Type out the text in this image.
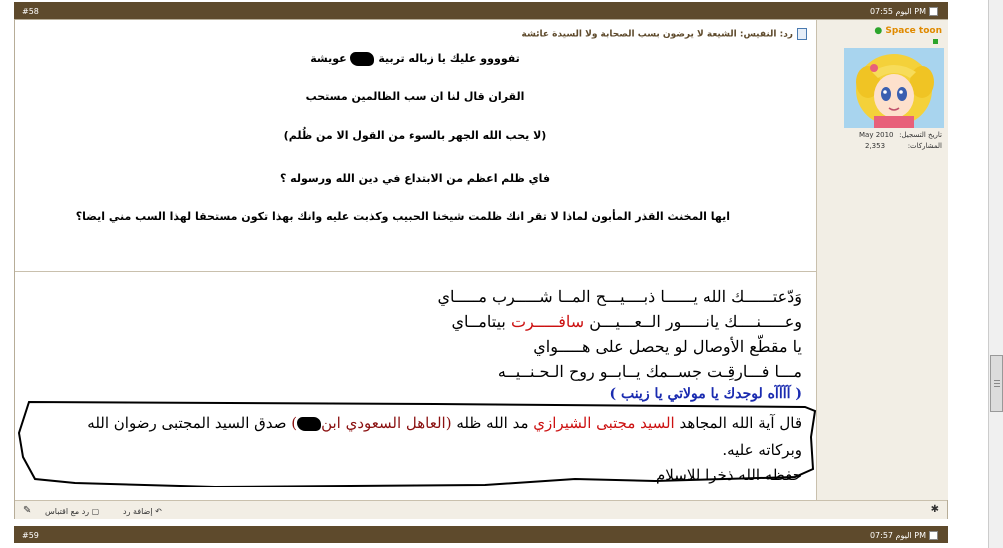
#58	اليوم 07:55 PM
● Space toon
تاريخ التسجيل:
May 2010
المشاركات:
2,353
رد: النفيس: الشيعة لا يرضون بسب الصحابة ولا السيدة عائشة
تفوووو عليك يا زباله تربية  عويشة
القران قال لنا ان سب الظالمين مستحب
(لا يحب الله الجهر بالسوء من القول الا من ظُلم)
فاي ظلم اعظم من الابتداع في دين الله ورسوله ؟
ايها المخنث القذر المأبون لماذا لا تقر انك ظلمت شيخنا الحبيب وكذبت عليه وانك بهذا تكون مستحقا لهذا السب مني ايضا؟
وَدّعتــــــك الله يــــــا ذبــــيـــح المــا شـــــرب مـــــاي
وعـــــنــــك يانـــــور الــعـــيـــن سافـــــرت بيتامــاي
يا مقطّع الأوصال لو يحصل على هـــــواي
مـــا فـــارقِـت جســمك يــابــو روح الـحـنــيــه
( آآآآه لوجدك يا مولاتي يا زينب )
قال آية الله المجاهد السيد مجتبى الشيرازي مد الله ظله (العاهل السعودي ابن) صدق السيد المجتبى رضوان الله
وبركاته عليه.
حفظه الله ذخرا للاسلام
✎	▢ رد مع اقتباس	↶ إضافة رد	✱
#59	اليوم 07:57 PM
